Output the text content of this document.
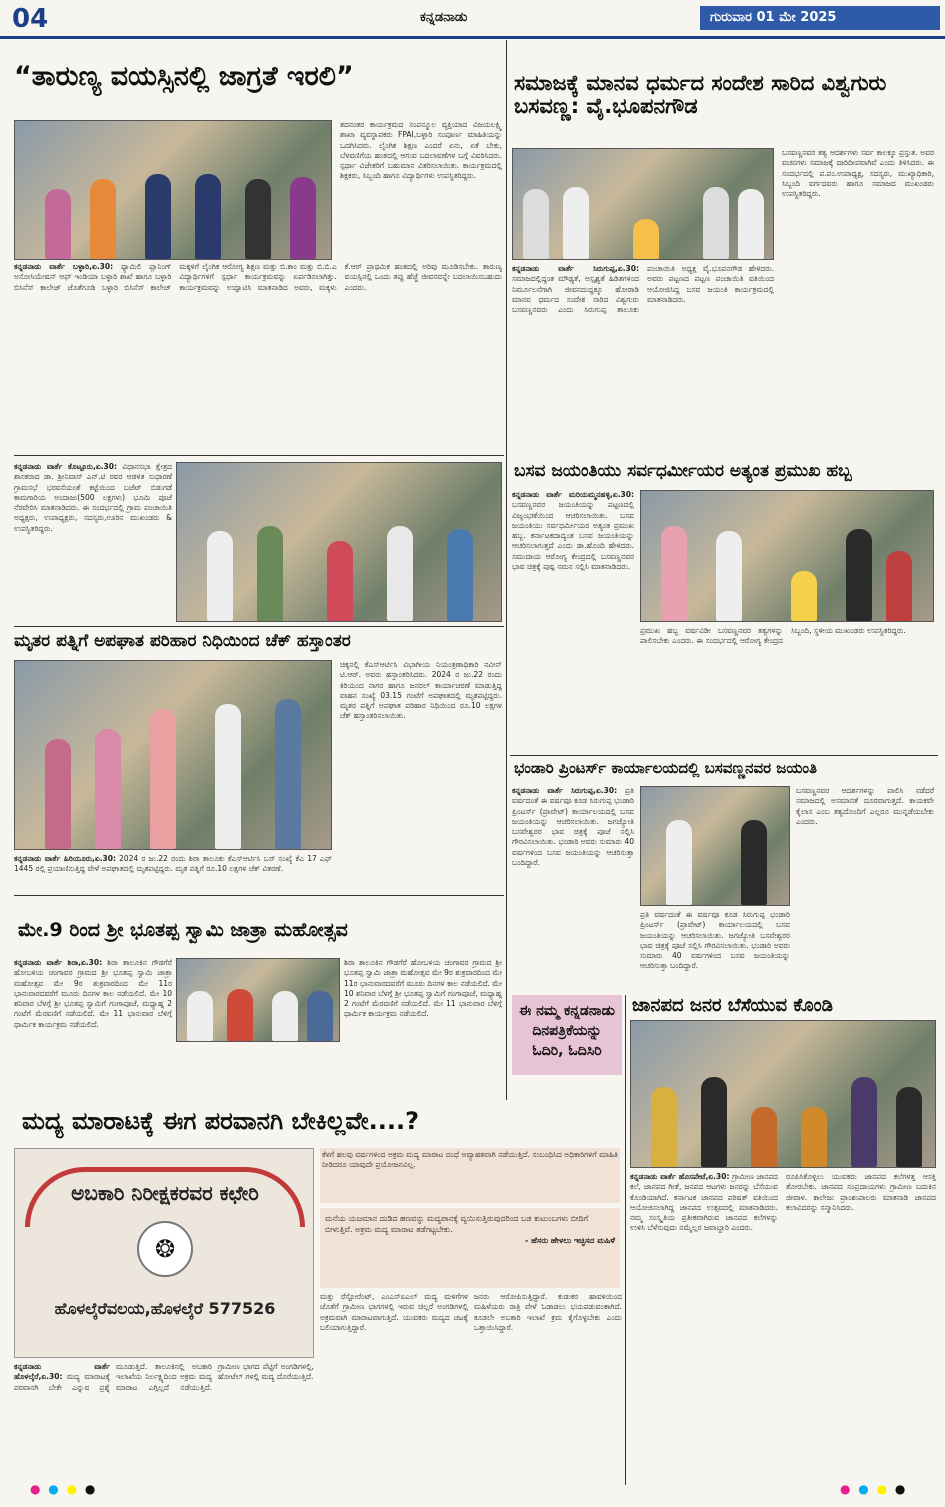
04	ಕನ್ನಡನಾಡು	ಗುರುವಾರ 01 ಮೇ 2025
“ತಾರುಣ್ಯ ವಯಸ್ಸಿನಲ್ಲಿ ಜಾಗ್ರತೆ ಇರಲಿ”

ತದನಂತರ ಕಾರ್ಯಕ್ರಮದ ಸಂಪನ್ಮೂಲ ವ್ಯಕ್ತಿಯಾದ ವಿಜಯಲಕ್ಷ್ಮಿ ಶಾಖಾ ವ್ಯವಸ್ಥಾಪಕರು FPAI,ಬಳ್ಳಾರಿ ಸಂಪೂರ್ಣ ಮಾಹಿತಿಯನ್ನು ಒದಗಿಸಿದರು. ಲೈಂಗಿಕ ಶಿಕ್ಷಣ ಎಂದರೆ ಏನು, ಏಕೆ ಬೇಕು, ಬೆಳವಣಿಗೆಯ ಹಂತದಲ್ಲಿ ಆಗುವ ಬದಲಾವಣೆಗಳ ಬಗ್ಗೆ ವಿವರಿಸಿದರು. ಸ್ಪರ್ಧಾ ವಿಜೇತರಿಗೆ ಬಹುಮಾನ ವಿತರಿಸಲಾಯಿತು. ಕಾರ್ಯಕ್ರಮದಲ್ಲಿ ಶಿಕ್ಷಕರು, ಸಿಬ್ಬಂದಿ ಹಾಗೂ ವಿದ್ಯಾರ್ಥಿಗಳು ಉಪಸ್ಥಿತರಿದ್ದರು.

ಕನ್ನಡನಾಡು ವಾರ್ತೆ ಬಳ್ಳಾರಿ,ಏ.30: ಫ್ಯಾಮಿಲಿ ಪ್ಲಾನಿಂಗ್ ಅಸೋಸಿಯೇಷನ್ ಆಫ್ ಇಂಡಿಯಾ ಬಳ್ಳಾರಿ ಶಾಖೆ ಹಾಗೂ ಬಳ್ಳಾರಿ ಬಿಸಿನೆಸ್ ಕಾಲೇಜ್ ಜೊತೆಗೂಡಿ ಬಳ್ಳಾರಿ ಬಿಸಿನೆಸ್ ಕಾಲೇಜ್ ಮಕ್ಕಳಿಗೆ ಲೈಂಗಿಕ ಆರೋಗ್ಯ ಶಿಕ್ಷಣ ಮತ್ತು ಬಿ.ಕಾಂ ಮತ್ತು ಬಿ.ಬಿ.ಎ ವಿದ್ಯಾರ್ಥಿಗಳಿಗೆ ಸ್ಪರ್ಧಾ ಕಾರ್ಯಕ್ರಮವನ್ನು ಏರ್ಪಡಿಸಲಾಗಿತ್ತು. ಕಾರ್ಯಕ್ರಮವನ್ನು ಉದ್ಘಾಟಿಸಿ ಮಾತನಾಡಿದ ಅವರು, ಮಕ್ಕಳು ಕೆ.ಆರ್ ಪ್ರಾಥಮಿಕ ಹಂತದಲ್ಲಿ ಅರಿವು ಮೂಡಿಸಬೇಕು. ತಾರುಣ್ಯ ವಯಸ್ಸಿನಲ್ಲಿ ಒಂದು ತಪ್ಪು ಹೆಜ್ಜೆ ಜೀವನವನ್ನೇ ಬದಲಾಯಿಸಬಹುದು ಎಂದರು.

ಸಮಾಜಕ್ಕೆ ಮಾನವ ಧರ್ಮದ ಸಂದೇಶ ಸಾರಿದ ವಿಶ್ವಗುರು ಬಸವಣ್ಣ: ವೈ.ಭೂಪನಗೌಡ

ಬಸವಣ್ಣನವರ ತತ್ವ ಆದರ್ಶಗಳು ಸರ್ವ ಕಾಲಕ್ಕೂ ಪ್ರಸ್ತುತ. ಅವರ ವಚನಗಳು ಸಮಾಜಕ್ಕೆ ದಾರಿದೀಪವಾಗಿವೆ ಎಂದು ತಿಳಿಸಿದರು. ಈ ಸಂದರ್ಭದಲ್ಲಿ ಪ.ಪಂ.ಉಪಾಧ್ಯಕ್ಷ, ಸದಸ್ಯರು, ಮುಖ್ಯಾಧಿಕಾರಿ, ಸಿಬ್ಬಂದಿ ವರ್ಗದವರು ಹಾಗೂ ಸಮಾಜದ ಮುಖಂಡರು ಉಪಸ್ಥಿತರಿದ್ದರು.

ಕನ್ನಡನಾಡು ವಾರ್ತೆ ಸಿರುಗುಪ್ಪ,ಏ.30: ಸಮಾಜದಲ್ಲಿದ್ದಂತ ಮೌಢ್ಯತೆ, ಅಸ್ಪೃಶ್ಯತೆ ಹಿಡಿತಗಳಿಂದ ನಿರ್ಮೂಲನೆಗಾಗಿ ಜೀವನದುದ್ದಕ್ಕೂ ಹೋರಾಡಿ ಮಾನವ ಧರ್ಮದ ಸಂದೇಶ ಸಾರಿದ ವಿಶ್ವಗುರು ಬಸವಣ್ಣನವರು ಎಂದು ಸಿರುಗುಪ್ಪ ತಾಲೂಕು ಪಂಚಾಯಿತಿ ಅಧ್ಯಕ್ಷ ವೈ.ಭೂಪನಗೌಡ ಹೇಳಿದರು. ಅವರು ಪಟ್ಟಣದ ಪಟ್ಟಣ ಪಂಚಾಯಿತಿ ವತಿಯಿಂದ ಆಯೋಜಿಸಿದ್ದ ಬಸವ ಜಯಂತಿ ಕಾರ್ಯಕ್ರಮದಲ್ಲಿ ಮಾತನಾಡಿದರು.

ಕನ್ನಡನಾಡು ವಾರ್ತೆ ಕೊಟ್ಟೂರು,ಏ.30: ವಿಧಾನಸಭಾ ಕ್ಷೇತ್ರದ ಶಾಸಕರಾದ ಡಾ. ಶ್ರೀನಿವಾಸ್ ಎನ್.ಟಿ ರವರ ಆಡಳಿತ ಸುಧಾರಣೆ ಗ್ರಾಮಸಭೆ ಭರವಸೆಯಂತೆ ಕಟ್ಟೆಯಿಂದ ಬಜೆಟ್ ಬಿಡುಗಡೆ ಕಾಮಗಾರಿಯ ಅಂದಾಜು(500 ಲಕ್ಷಗಳು) ಭೂಮಿ ಪೂಜೆ ನೆರವೇರಿಸಿ ಮಾತನಾಡಿದರು. ಈ ಸಂದರ್ಭದಲ್ಲಿ ಗ್ರಾಮ ಪಂಚಾಯಿತಿ ಅಧ್ಯಕ್ಷರು, ಉಪಾಧ್ಯಕ್ಷರು, ಸದಸ್ಯರು,ಊರಿನ ಮುಖಂಡರು & ಉಪಸ್ಥಿತರಿದ್ದರು.

ಮೃತರ ಪತ್ನಿಗೆ ಅಪಘಾತ ಪರಿಹಾರ ನಿಧಿಯಿಂದ ಚೆಕ್ ಹಸ್ತಾಂತರ

ಚಿಕ್ಕನಲ್ಲಿ ಕೆಎಸ್ಆರ್ಟಿಸಿ ವಿಭಾಗೀಯ ನಿಯಂತ್ರಣಾಧಿಕಾರಿ ನವೀನ್ ಟಿ.ಆರ್. ಅವರು ಹಸ್ತಾಂತರಿಸಿದರು. 2024 ರ ಜು.22 ರಂದು ಕಿರಿಯಂದ ನಾಗರ ಹಾಗೂ ಜನರಲ್ ಕಾರ್ಯಾಚರಣೆ ಮಾಡುತ್ತಿದ್ದ ವಾಹನ ಸಂಖ್ಯೆ 03.15 ಗಂಟೆಗೆ ಅಪಘಾತದಲ್ಲಿ ಮೃತಪಟ್ಟಿದ್ದರು. ಮೃತರ ಪತ್ನಿಗೆ ಅಪಘಾತ ಪರಿಹಾರ ನಿಧಿಯಿಂದ ರೂ.10 ಲಕ್ಷಗಳ ಚೆಕ್ ಹಸ್ತಾಂತರಿಸಲಾಯಿತು.

ಕನ್ನಡನಾಡು ವಾರ್ತೆ ಹಿರಿಯೂರು,ಏ.30: 2024 ರ ಜು.22 ರಂದು ಶಿರಾ ತಾಲೂಕು ಕೆಎಸ್ಆರ್ಟಿಸಿ ಬಸ್ ಸಂಖ್ಯೆ ಕೆಎ 17 ಎಫ್ 1445 ರಲ್ಲಿ ಪ್ರಯಾಣಿಸುತ್ತಿದ್ದ ವೇಳೆ ಅಪಘಾತದಲ್ಲಿ ಮೃತಪಟ್ಟಿದ್ದರು. ಮೃತ ಪತ್ನಿಗೆ ರೂ.10 ಲಕ್ಷಗಳ ಚೆಕ್ ವಿತರಣೆ.

ಮೇ.9 ರಿಂದ ಶ್ರೀ ಭೂತಪ್ಪ ಸ್ವಾಮಿ ಜಾತ್ರಾ ಮಹೋತ್ಸವ

ಕನ್ನಡನಾಡು ವಾರ್ತೆ ಶಿರಾ,ಏ.30: ಶಿರಾ ತಾಲೂಕಿನ ಗೌಡಗೆರೆ ಹೋಬಳಿಯ ಚಂಗಾವರ ಗ್ರಾಮದ ಶ್ರೀ ಭೂತಪ್ಪ ಸ್ವಾಮಿ ಜಾತ್ರಾ ಮಹೋತ್ಸವ ಮೇ 9ರ ಶುಕ್ರವಾರದಿಂದ ಮೇ 11ರ ಭಾನುವಾರದವರೆಗೆ ಮೂರು ದಿನಗಳ ಕಾಲ ನಡೆಯಲಿದೆ. ಮೇ 10 ಶನಿವಾರ ಬೆಳಗ್ಗೆ ಶ್ರೀ ಭೂತಪ್ಪ ಸ್ವಾಮಿಗೆ ಗಂಗಾಪೂಜೆ, ಮಧ್ಯಾಹ್ನ 2 ಗಂಟೆಗೆ ಮೆರವಣಿಗೆ ನಡೆಯಲಿದೆ. ಮೇ 11 ಭಾನುವಾರ ಬೆಳಿಗ್ಗೆ ಧಾರ್ಮಿಕ ಕಾರ್ಯಕ್ರಮ ನಡೆಯಲಿದೆ.

ಶಿರಾ ತಾಲೂಕಿನ ಗೌಡಗೆರೆ ಹೋಬಳಿಯ ಚಂಗಾವರ ಗ್ರಾಮದ ಶ್ರೀ ಭೂತಪ್ಪ ಸ್ವಾಮಿ ಜಾತ್ರಾ ಮಹೋತ್ಸವ ಮೇ 9ರ ಶುಕ್ರವಾರದಿಂದ ಮೇ 11ರ ಭಾನುವಾರದವರೆಗೆ ಮೂರು ದಿನಗಳ ಕಾಲ ನಡೆಯಲಿದೆ. ಮೇ 10 ಶನಿವಾರ ಬೆಳಗ್ಗೆ ಶ್ರೀ ಭೂತಪ್ಪ ಸ್ವಾಮಿಗೆ ಗಂಗಾಪೂಜೆ, ಮಧ್ಯಾಹ್ನ 2 ಗಂಟೆಗೆ ಮೆರವಣಿಗೆ ನಡೆಯಲಿದೆ. ಮೇ 11 ಭಾನುವಾರ ಬೆಳಿಗ್ಗೆ ಧಾರ್ಮಿಕ ಕಾರ್ಯಕ್ರಮ ನಡೆಯಲಿದೆ.

ಬಸವ ಜಯಂತಿಯು ಸರ್ವಧರ್ಮೀಯರ ಅತ್ಯಂತ ಪ್ರಮುಖ ಹಬ್ಬ

ಕನ್ನಡನಾಡು ವಾರ್ತೆ ಮರಿಯಮ್ಮನಹಳ್ಳಿ,ಏ.30: ಬಸವಣ್ಣನವರ ಜಯಂತಿಯನ್ನು ಪಟ್ಟಣದಲ್ಲಿ ವಿಜೃಂಭಣೆಯಿಂದ ಆಚರಿಸಲಾಯಿತು. ಬಸವ ಜಯಂತಿಯು ಸರ್ವಧರ್ಮೀಯರ ಅತ್ಯಂತ ಪ್ರಮುಖ ಹಬ್ಬ. ಕರ್ನಾಟಕದಾದ್ಯಂತ ಬಸವ ಜಯಂತಿಯನ್ನು ಆಚರಿಸಲಾಗುತ್ತದೆ ಎಂದು ಡಾ.ಹೊಂದಿ ಹೇಳಿದರು. ಸಮುದಾಯ ಆರೋಗ್ಯ ಕೇಂದ್ರದಲ್ಲಿ ಬಸವಣ್ಣನವರ ಭಾವ ಚಿತ್ರಕ್ಕೆ ಪುಷ್ಪ ನಮನ ಸಲ್ಲಿಸಿ ಮಾತನಾಡಿದರು.

ಪ್ರಮುಖ ಹಬ್ಬ ವರ್ಷವಿಡೀ ಬಸವಣ್ಣನವರ ತತ್ವಗಳನ್ನು ಪಾಲಿಸಬೇಕು ಎಂದರು. ಈ ಸಂದರ್ಭದಲ್ಲಿ ಆರೋಗ್ಯ ಕೇಂದ್ರದ ಸಿಬ್ಬಂದಿ, ಸ್ಥಳೀಯ ಮುಖಂಡರು ಉಪಸ್ಥಿತರಿದ್ದರು.

ಭಂಡಾರಿ ಪ್ರಿಂಟರ್ಸ್ ಕಾರ್ಯಾಲಯದಲ್ಲಿ ಬಸವಣ್ಣನವರ ಜಯಂತಿ

ಕನ್ನಡನಾಡು ವಾರ್ತೆ ಸಿರುಗುಪ್ಪ,ಏ.30: ಪ್ರತಿ ವರ್ಷದಂತೆ ಈ ವರ್ಷವೂ ಕೂಡ ಸಿರುಗುಪ್ಪ ಭಂಡಾರಿ ಪ್ರಿಂಟರ್ಸ್ (ಪ್ರಾವೇಟ್) ಕಾರ್ಯಾಲಯದಲ್ಲಿ ಬಸವ ಜಯಂತಿಯನ್ನು ಆಚರಿಸಲಾಯಿತು. ಜಗಜ್ಯೋತಿ ಬಸವೇಶ್ವರರ ಭಾವ ಚಿತ್ರಕ್ಕೆ ಪೂಜೆ ಸಲ್ಲಿಸಿ ಗೌರವಿಸಲಾಯಿತು. ಭಂಡಾರಿ ಅವರು ಸುಮಾರು 40 ವರ್ಷಗಳಿಂದ ಬಸವ ಜಯಂತಿಯನ್ನು ಆಚರಿಸುತ್ತಾ ಬಂದಿದ್ದಾರೆ.

ಬಸವಣ್ಣನವರ ಆದರ್ಶಗಳನ್ನು ಪಾಲಿಸಿ ನಡೆದರೆ ಸಮಾಜದಲ್ಲಿ ಅಸಮಾನತೆ ದೂರವಾಗುತ್ತದೆ. ಕಾಯಕವೇ ಕೈಲಾಸ ಎಂಬ ತತ್ವದೊಂದಿಗೆ ಎಲ್ಲರೂ ಮುನ್ನಡೆಯಬೇಕು ಎಂದರು.

ಪ್ರತಿ ವರ್ಷದಂತೆ ಈ ವರ್ಷವೂ ಕೂಡ ಸಿರುಗುಪ್ಪ ಭಂಡಾರಿ ಪ್ರಿಂಟರ್ಸ್ (ಪ್ರಾವೇಟ್) ಕಾರ್ಯಾಲಯದಲ್ಲಿ ಬಸವ ಜಯಂತಿಯನ್ನು ಆಚರಿಸಲಾಯಿತು. ಜಗಜ್ಯೋತಿ ಬಸವೇಶ್ವರರ ಭಾವ ಚಿತ್ರಕ್ಕೆ ಪೂಜೆ ಸಲ್ಲಿಸಿ ಗೌರವಿಸಲಾಯಿತು. ಭಂಡಾರಿ ಅವರು ಸುಮಾರು 40 ವರ್ಷಗಳಿಂದ ಬಸವ ಜಯಂತಿಯನ್ನು ಆಚರಿಸುತ್ತಾ ಬಂದಿದ್ದಾರೆ.

ಈ ನಮ್ಮ ಕನ್ನಡನಾಡು ದಿನಪತ್ರಿಕೆಯನ್ನು ಓದಿರಿ, ಓದಿಸಿರಿ
ಜಾನಪದ ಜನರ ಬೆಸೆಯುವ ಕೊಂಡಿ

ಕನ್ನಡನಾಡು ವಾರ್ತೆ ಹೊಸಪೇಟೆ,ಏ.30: ಗ್ರಾಮೀಣ ಜಾನಪದ ಕಲೆ, ಜಾನಪದ ಗೀತೆ, ಜನಪದ ಆಟಗಳು ಜನರನ್ನು ಬೆಸೆಯುವ ಕೊಂಡಿಯಾಗಿದೆ. ಕರ್ನಾಟಕ ಜಾನಪದ ಪರಿಷತ್ ವತಿಯಿಂದ ಆಯೋಜಿಸಲಾಗಿದ್ದ ಜಾನಪದ ಉತ್ಸವದಲ್ಲಿ ಮಾತನಾಡಿದರು. ನಮ್ಮ ಸಂಸ್ಕೃತಿಯ ಪ್ರತೀಕವಾಗಿರುವ ಜಾನಪದ ಕಲೆಗಳನ್ನು ಉಳಿಸಿ ಬೆಳೆಸುವುದು ನಮ್ಮೆಲ್ಲರ ಜವಾಬ್ದಾರಿ ಎಂದರು.

ರೂಪಿಸಿಕೊಳ್ಳಲು ಯುವಕರು ಜಾನಪದ ಕಲೆಗಳತ್ತ ಆಸಕ್ತಿ ತೋರಬೇಕು. ಜಾನಪದ ಸಂಪ್ರದಾಯಗಳು ಗ್ರಾಮೀಣ ಬದುಕಿನ ಜೀವಾಳ. ಕಾಲೇಜು ಪ್ರಾಂಶುಪಾಲರು ಮಾತನಾಡಿ ಜಾನಪದ ಕಲಾವಿದರನ್ನು ಸನ್ಮಾನಿಸಿದರು.

ಮದ್ಯ ಮಾರಾಟಕ್ಕೆ ಈಗ ಪರವಾನಗಿ ಬೇಕಿಲ್ಲವೇ....?
ಅಬಕಾರಿ ನಿರೀಕ್ಷಕರವರ ಕಛೇರಿ
❂
ಹೊಳಲ್ಕೆರೆವಲಯ,ಹೊಳಲ್ಕೆರೆ 577526

ಕೆಳಗೆ ಹಲವು ವರ್ಷಗಳಿಂದ ಅಕ್ರಮ ಮದ್ಯ ಮಾರಾಟ ದಂಧೆ ಅವ್ಯಾಹತವಾಗಿ ನಡೆಯುತ್ತಿದೆ. ಸಂಬಂಧಿಸಿದ ಅಧಿಕಾರಿಗಳಿಗೆ ಮಾಹಿತಿ ನೀಡಿದರೂ ಯಾವುದೇ ಪ್ರಯೋಜನವಿಲ್ಲ.

ಮನೆಯ ಯಜಮಾನ ದುಡಿದ ಹಣವನ್ನು ಮದ್ಯಪಾನಕ್ಕೆ ವ್ಯಯಿಸುತ್ತಿರುವುದರಿಂದ ಬಡ ಕುಟುಂಬಗಳು ಬೀದಿಗೆ ಬೀಳುತ್ತಿವೆ. ಅಕ್ರಮ ಮದ್ಯ ಮಾರಾಟ ತಡೆಗಟ್ಟಬೇಕು.

- ಹೆಸರು ಹೇಳಲು ಇಚ್ಛಿಸದ ಮಹಿಳೆ

ಕನ್ನಡನಾಡು ವಾರ್ತೆ ಹೊಳಲ್ಕೆರೆ,ಏ.30: ಮದ್ಯ ಮಾರಾಟಕ್ಕೆ ಪರವಾನಗಿ ಬೇಕೇ ಎನ್ನುವ ಪ್ರಶ್ನೆ ಮೂಡುತ್ತಿದೆ. ತಾಲೂಕಿನಲ್ಲಿ ಅಬಕಾರಿ ಇಲಾಖೆಯ ನಿರ್ಲಕ್ಷ್ಯದಿಂದ ಅಕ್ರಮ ಮದ್ಯ ಮಾರಾಟ ಎಗ್ಗಿಲ್ಲದೆ ನಡೆಯುತ್ತಿದೆ. ಗ್ರಾಮೀಣ ಭಾಗದ ಪೆಟ್ಟಿಗೆ ಅಂಗಡಿಗಳಲ್ಲಿ, ಹೋಟೆಲ್ ಗಳಲ್ಲಿ ಮದ್ಯ ದೊರೆಯುತ್ತಿದೆ.

ಮತ್ತು ರೆಸ್ಟೋರೆಂಟ್, ಎಂಎಸ್ಐಎಲ್ ಮದ್ಯ ಮಳಿಗೆಗಳ ಜೊತೆಗೆ ಗ್ರಾಮೀಣ ಭಾಗಗಳಲ್ಲಿ ಇರುವ ಚಿಲ್ಲರೆ ಅಂಗಡಿಗಳಲ್ಲಿ ಅಕ್ರಮವಾಗಿ ಮಾರಾಟವಾಗುತ್ತಿದೆ. ಯುವಕರು ಮದ್ಯದ ಚಟಕ್ಕೆ ಬಲಿಯಾಗುತ್ತಿದ್ದಾರೆ.

ಜನರು ಆರೋಪಿಸುತ್ತಿದ್ದಾರೆ. ಕುಡುಕರ ಹಾವಳಿಯಿಂದ ಮಹಿಳೆಯರು ರಾತ್ರಿ ವೇಳೆ ಓಡಾಡಲು ಭಯಪಡುವಂತಾಗಿದೆ. ಕೂಡಲೇ ಅಬಕಾರಿ ಇಲಾಖೆ ಕ್ರಮ ಕೈಗೊಳ್ಳಬೇಕು ಎಂದು ಒತ್ತಾಯಿಸಿದ್ದಾರೆ.

● ● ● ●	● ● ● ●
